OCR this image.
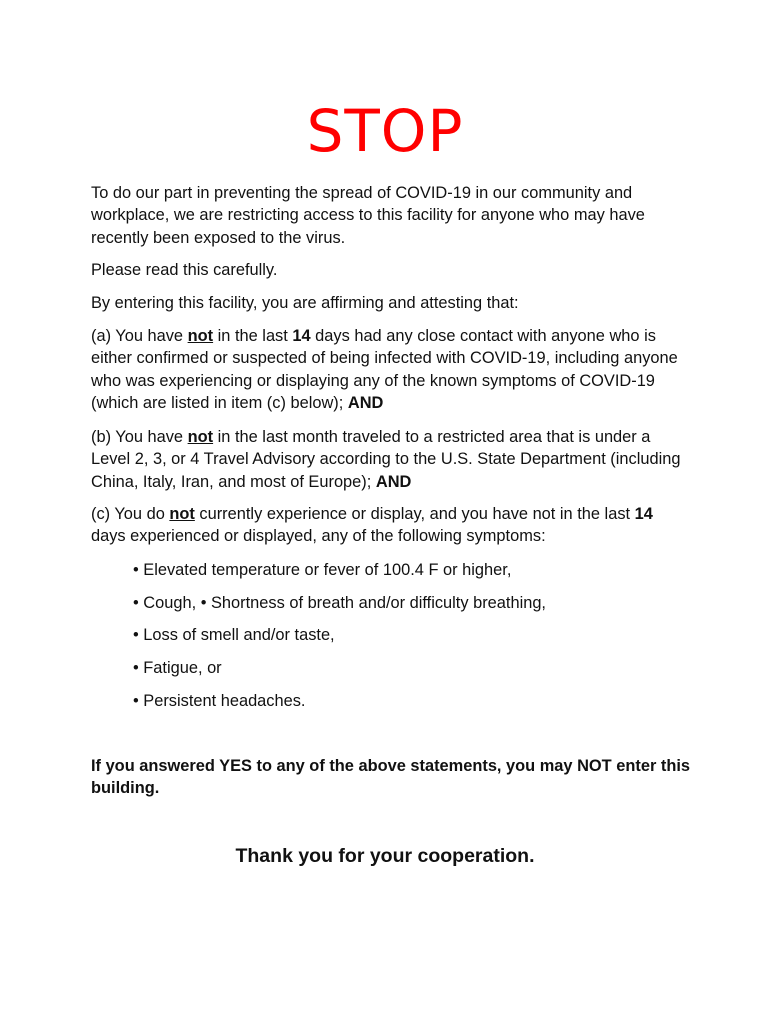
STOP

To do our part in preventing the spread of COVID-19 in our community and workplace, we are restricting access to this facility for anyone who may have recently been exposed to the virus.

Please read this carefully.

By entering this facility, you are affirming and attesting that:

(a) You have not in the last 14 days had any close contact with anyone who is either confirmed or suspected of being infected with COVID-19, including anyone who was experiencing or displaying any of the known symptoms of COVID-19 (which are listed in item (c) below); AND

(b) You have not in the last month traveled to a restricted area that is under a Level 2, 3, or 4 Travel Advisory according to the U.S. State Department (including China, Italy, Iran, and most of Europe); AND

(c) You do not currently experience or display, and you have not in the last 14 days experienced or displayed, any of the following symptoms:

• Elevated temperature or fever of 100.4 F or higher,
• Cough, • Shortness of breath and/or difficulty breathing,
• Loss of smell and/or taste,
• Fatigue, or
• Persistent headaches.

If you answered YES to any of the above statements, you may NOT enter this building.

Thank you for your cooperation.
